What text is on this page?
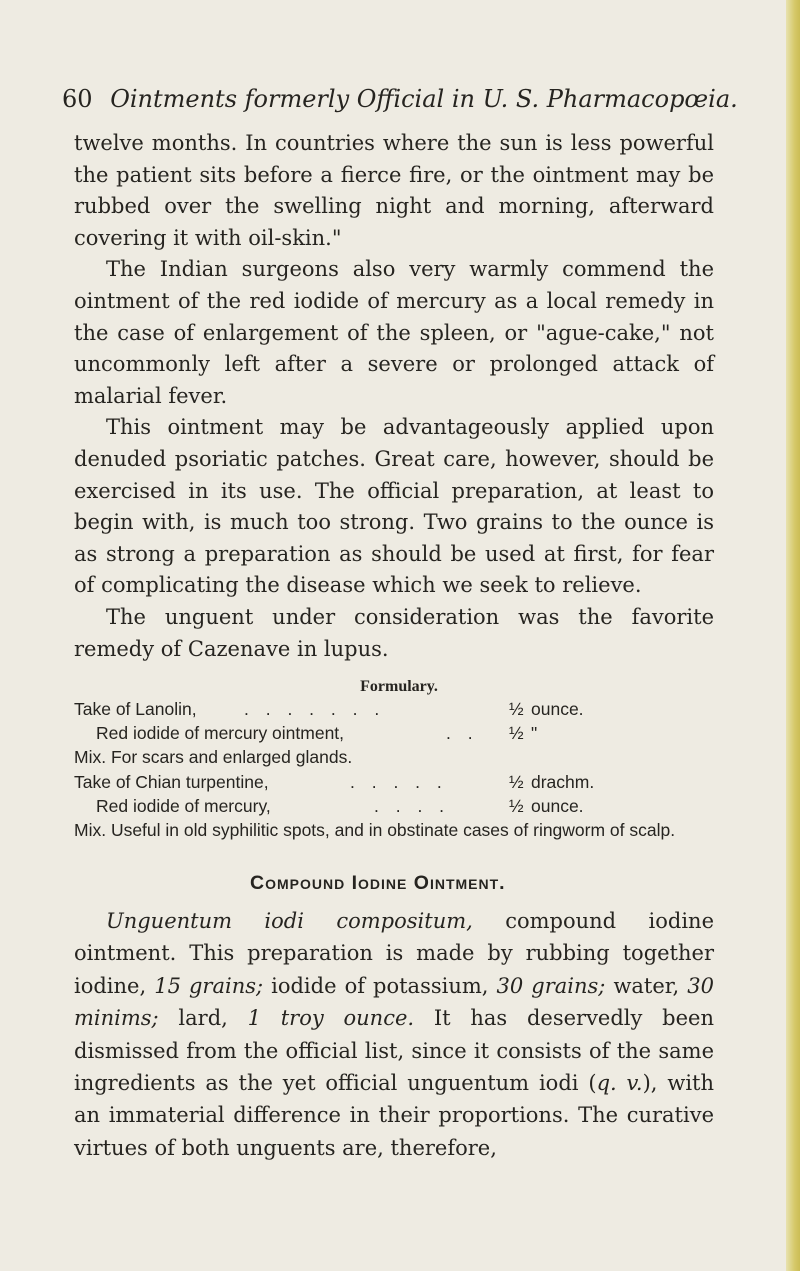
60 Ointments formerly Official in U. S. Pharmacopœia.

twelve months. In countries where the sun is less powerful the patient sits before a fierce fire, or the ointment may be rubbed over the swelling night and morning, afterward covering it with oil-skin."

The Indian surgeons also very warmly commend the ointment of the red iodide of mercury as a local remedy in the case of enlargement of the spleen, or "ague-cake," not uncommonly left after a severe or prolonged attack of malarial fever.

This ointment may be advantageously applied upon denuded psoriatic patches. Great care, however, should be exercised in its use. The official preparation, at least to begin with, is much too strong. Two grains to the ounce is as strong a preparation as should be used at first, for fear of complicating the disease which we seek to relieve.

The unguent under consideration was the favorite remedy of Cazenave in lupus.

Formulary.
Take of Lanolin,	. . . . . . .	½ ounce.
Red iodide of mercury ointment,	. . ½ "
Mix. For scars and enlarged glands.
Take of Chian turpentine,	. . . . .	½ drachm.
Red iodide of mercury,	. . . .	½ ounce.
Mix. Useful in old syphilitic spots, and in obstinate cases of ringworm of scalp.
Compound Iodine Ointment.

Unguentum iodi compositum, compound iodine ointment. This preparation is made by rubbing together iodine, 15 grains; iodide of potassium, 30 grains; water, 30 minims; lard, 1 troy ounce. It has deservedly been dismissed from the official list, since it consists of the same ingredients as the yet official unguentum iodi (q. v.), with an immaterial difference in their proportions. The curative virtues of both unguents are, therefore,
